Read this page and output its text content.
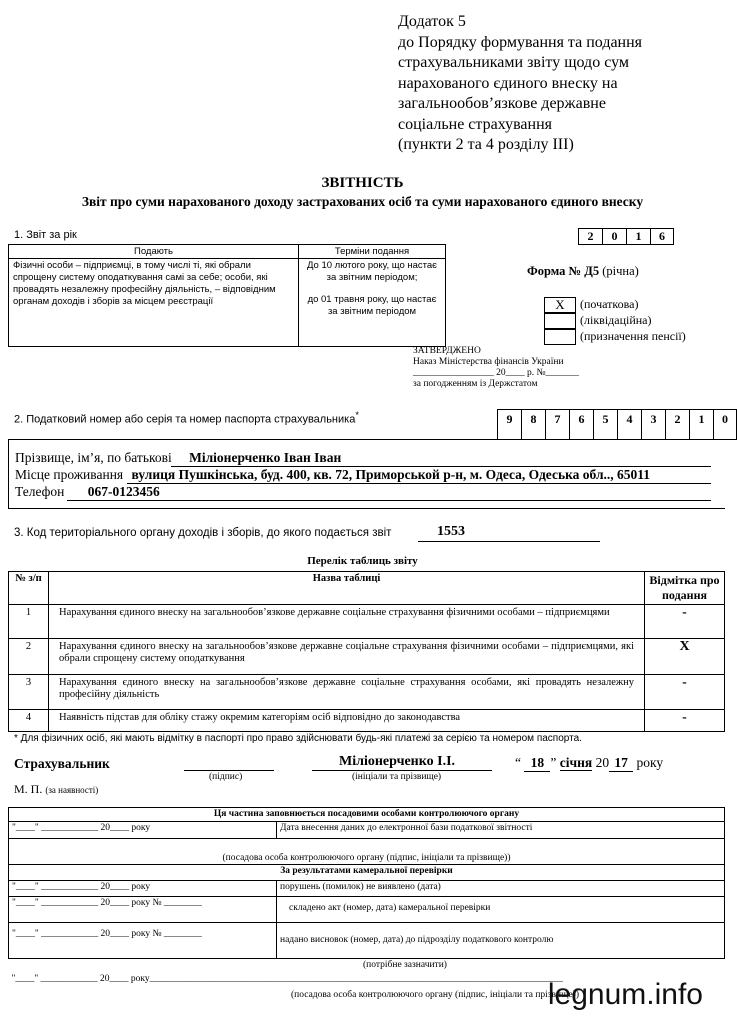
Додаток 5
до Порядку формування та подання
страхувальниками звіту щодо сум
нарахованого єдиного внеску на
загальнообов’язкове державне
соціальне страхування
(пункти 2 та 4 розділу III)
ЗВІТНІСТЬ
Звіт про суми нарахованого доходу застрахованих осіб та суми нарахованого єдиного внеску
1. Звіт за рік	2	0	1	6
Подають	Терміни подання
Фізичні особи – підприємці, в тому числі ті, які обрали спрощену систему оподаткування самі за себе; особи, які провадять незалежну професійну діяльність, – відповідним органам доходів і зборів за місцем реєстрації	До 10 лютого року, що настає за звітним періодом;
до 01 травня року, що настає за звітним періодом
Форма № Д5 (річна)
X	(початкова)
(ліквідаційна)
(призначення пенсії)
ЗАТВЕРДЖЕНО
Наказ Міністерства фінансів України
_________________ 20____ р. №_______
за погодженням із Держстатом
2. Податковий номер або серія та номер паспорта страхувальника*	9	8	7	6	5	4	3	2	1	0
Прізвище, ім’я, по батькові Міліонерченко Іван Іван
Місце проживання вулиця Пушкінська, буд. 400, кв. 72, Приморськой р-н, м. Одеса, Одеська обл.., 65011
Телефон 067-0123456
3. Код територіального органу доходів і зборів, до якого подається звіт	1553
Перелік таблиць звіту
№ з/п	Назва таблиці	Відмітка про подання
1	Нарахування єдиного внеску на загальнообов’язкове державне соціальне страхування фізичними особами – підприємцями	-
2	Нарахування єдиного внеску на загальнообов’язкове державне соціальне страхування фізичними особами – підприємцями, які обрали спрощену систему оподаткування	X
3	Нарахування єдиного внеску на загальнообов’язкове державне соціальне страхування особами, які провадять незалежну професійну діяльність	-
4	Наявність підстав для обліку стажу окремим категоріям осіб відповідно до законодавства	-
* Для фізичних осіб, які мають відмітку в паспорті про право здійснювати будь-які платежі за серією та номером паспорта.
Страхувальник
(підпис)
Міліонерченко І.І.
(ініціали та прізвище)
“ 18 ” січня 20 17 року
М. П. (за наявності)
Ця частина заповнюється посадовими особами контролюючого органу	
"____" ____________ 20____ року	Дата внесення даних до електронної бази податкової звітності
(посадова особа контролюючого органу (підпис, ініціали та прізвище))	
За результатами камеральної перевірки	
"____" ____________ 20____ року	порушень (помилок) не виявлено (дата)
"____" ____________ 20____ року № ________	складено акт (номер, дата) камеральної перевірки
"____" ____________ 20____ року № ________	надано висновок (номер, дата) до підрозділу податкового контролю

(потрібне зазначити)	
"____" ____________ 20____ року_______________________________________________________________________________________	
(посадова особа контролюючого органу (підпис, ініціали та прізвище))	
legnum.info
